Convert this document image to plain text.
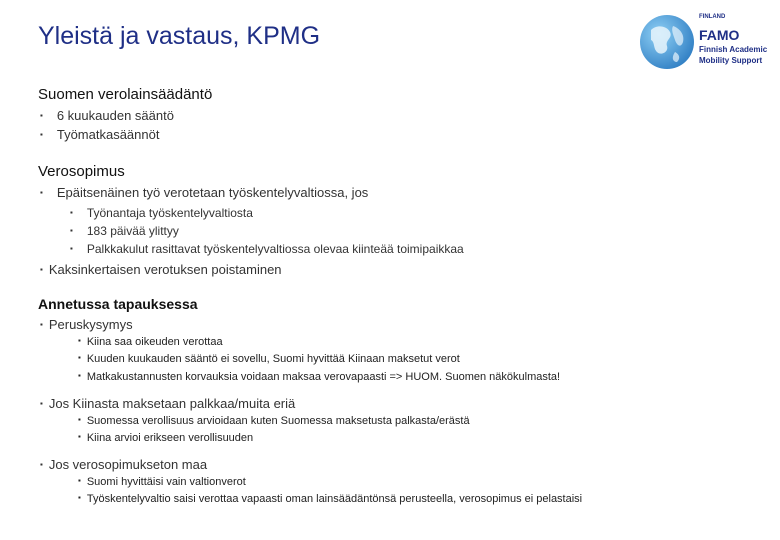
Yleistä ja vastaus, KPMG
FINLAND
FAMO
Finnish Academic
Mobility Support
Suomen verolainsäädäntö
▪ 6 kuukauden sääntö
▪ Työmatkasäännöt
Verosopimus
▪ Epäitsenäinen työ verotetaan työskentelyvaltiossa, jos
▪ Työnantaja työskentelyvaltiosta
▪ 183 päivää ylittyy
▪ Palkkakulut rasittavat työskentelyvaltiossa olevaa kiinteää toimipaikkaa
▪ Kaksinkertaisen verotuksen poistaminen
Annetussa tapauksessa
▪ Peruskysymys
▪ Kiina saa oikeuden verottaa
▪ Kuuden kuukauden sääntö ei sovellu, Suomi hyvittää Kiinaan maksetut verot
▪ Matkakustannusten korvauksia voidaan maksaa verovapaasti => HUOM. Suomen näkökulmasta!
▪ Jos Kiinasta maksetaan palkkaa/muita eriä
▪ Suomessa verollisuus arvioidaan kuten Suomessa maksetusta palkasta/erästä
▪ Kiina arvioi erikseen verollisuuden
▪ Jos verosopimukseton maa
▪ Suomi hyvittäisi vain valtionverot
▪ Työskentelyvaltio saisi verottaa vapaasti oman lainsäädäntönsä perusteella, verosopimus ei pelastaisi
